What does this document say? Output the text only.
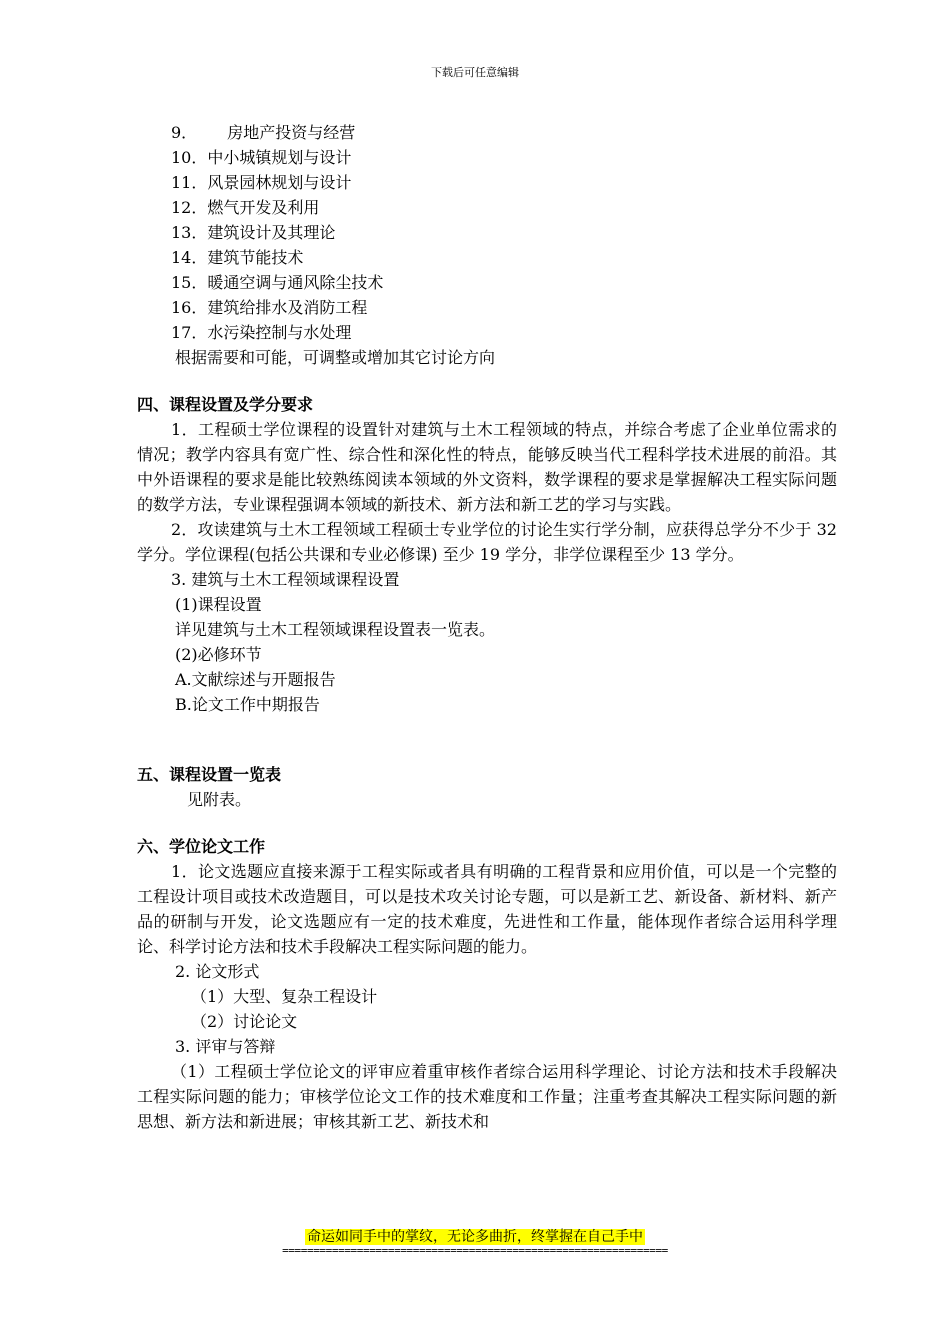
下载后可任意编辑
9． 房地产投资与经营
10．中小城镇规划与设计
11．风景园林规划与设计
12．燃气开发及利用
13．建筑设计及其理论
14．建筑节能技术
15．暖通空调与通风除尘技术
16．建筑给排水及消防工程
17．水污染控制与水处理
根据需要和可能，可调整或增加其它讨论方向
四、课程设置及学分要求
1．工程硕士学位课程的设置针对建筑与土木工程领域的特点，并综合考虑了企业单位需求的情况；教学内容具有宽广性、综合性和深化性的特点，能够反映当代工程科学技术进展的前沿。其中外语课程的要求是能比较熟练阅读本领域的外文资料，数学课程的要求是掌握解决工程实际问题的数学方法，专业课程强调本领域的新技术、新方法和新工艺的学习与实践。
2．攻读建筑与土木工程领域工程硕士专业学位的讨论生实行学分制，应获得总学分不少于 32 学分。学位课程(包括公共课和专业必修课) 至少 19 学分，非学位课程至少 13 学分。
3. 建筑与土木工程领域课程设置
(1)课程设置
详见建筑与土木工程领域课程设置表一览表。
(2)必修环节
A.文献综述与开题报告
B.论文工作中期报告
五、课程设置一览表
见附表。
六、学位论文工作
1．论文选题应直接来源于工程实际或者具有明确的工程背景和应用价值，可以是一个完整的工程设计项目或技术改造题目，可以是技术攻关讨论专题，可以是新工艺、新设备、新材料、新产品的研制与开发，论文选题应有一定的技术难度，先进性和工作量，能体现作者综合运用科学理论、科学讨论方法和技术手段解决工程实际问题的能力。
2. 论文形式
（1）大型、复杂工程设计
（2）讨论论文
3. 评审与答辩
（1）工程硕士学位论文的评审应着重审核作者综合运用科学理论、讨论方法和技术手段解决工程实际问题的能力；审核学位论文工作的技术难度和工作量；注重考查其解决工程实际问题的新思想、新方法和新进展；审核其新工艺、新技术和
命运如同手中的掌纹，无论多曲折，终掌握在自己手中
==============================================================
